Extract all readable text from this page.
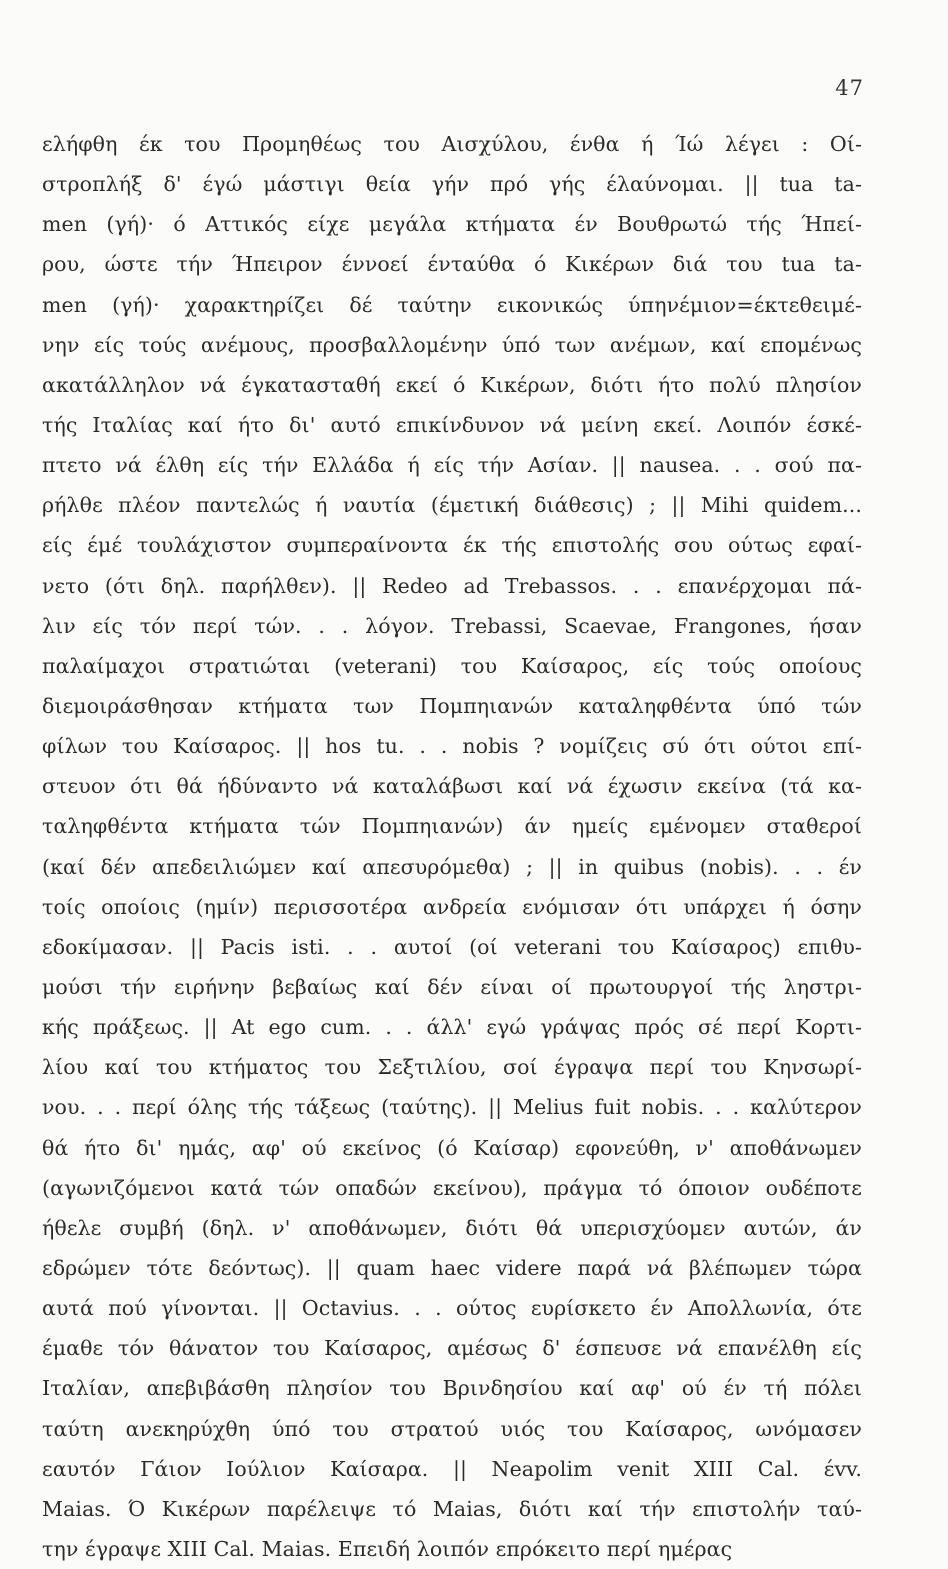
47
ελήφθη έκ του Προμηθέως του Αισχύλου, ένθα ή Ίώ λέγει : Οί-
στροπλήξ δ' έγώ μάστιγι θεία γήν πρό γής έλαύνομαι. || tua ta-
men (γή)· ό Αττικός είχε μεγάλα κτήματα έν Βουθρωτώ τής Ήπεί-
ρου, ώστε τήν Ήπειρον έννοεί ένταύθα ό Κικέρων διά του tua ta-
men (γή)· χαρακτηρίζει δέ ταύτην εικονικώς ύπηνέμιον=έκτεθειμέ-
νην είς τούς ανέμους, προσβαλλομένην ύπό των ανέμων, καί επομένως
ακατάλληλον νά έγκατασταθή εκεί ό Κικέρων, διότι ήτο πολύ πλησίον
τής Ιταλίας καί ήτο δι' αυτό επικίνδυνον νά μείνη εκεί. Λοιπόν έσκέ-
πτετο νά έλθη είς τήν Ελλάδα ή είς τήν Ασίαν. || nausea. . . σού πα-
ρήλθε πλέον παντελώς ή ναυτία (έμετική διάθεσις) ; || Mihi quidem...
είς έμέ τουλάχιστον συμπεραίνοντα έκ τής επιστολής σου ούτως εφαί-
νετο (ότι δηλ. παρήλθεν). || Redeo ad Trebassos. . . επανέρχομαι πά-
λιν είς τόν περί τών. . . λόγον. Trebassi, Scaevae, Frangones, ήσαν
παλαίμαχοι στρατιώται (veterani) του Καίσαρος, είς τούς οποίους
διεμοιράσθησαν κτήματα των Πομπηιανών καταληφθέντα ύπό τών
φίλων του Καίσαρος. || hos tu. . . nobis ? νομίζεις σύ ότι ούτοι επί-
στευον ότι θά ήδύναντο νά καταλάβωσι καί νά έχωσιν εκείνα (τά κα-
ταληφθέντα κτήματα τών Πομπηιανών) άν ημείς εμένομεν σταθεροί
(καί δέν απεδειλιώμεν καί απεσυρόμεθα) ; || in quibus (nobis). . . έν
τοίς οποίοις (ημίν) περισσοτέρα ανδρεία ενόμισαν ότι υπάρχει ή όσην
εδοκίμασαν. || Pacis isti. . . αυτοί (οί veterani του Καίσαρος) επιθυ-
μούσι τήν ειρήνην βεβαίως καί δέν είναι οί πρωτουργοί τής ληστρι-
κής πράξεως. || At ego cum. . . άλλ' εγώ γράψας πρός σέ περί Κορτι-
λίου καί του κτήματος του Σεξτιλίου, σοί έγραψα περί του Κηνσωρί-
νου. . . περί όλης τής τάξεως (ταύτης). || Melius fuit nobis. . . καλύτερον
θά ήτο δι' ημάς, αφ' ού εκείνος (ό Καίσαρ) εφονεύθη, ν' αποθάνωμεν
(αγωνιζόμενοι κατά τών οπαδών εκείνου), πράγμα τό όποιον ουδέποτε
ήθελε συμβή (δηλ. ν' αποθάνωμεν, διότι θά υπερισχύομεν αυτών, άν
εδρώμεν τότε δεόντως). || quam haec videre παρά νά βλέπωμεν τώρα
αυτά πού γίνονται. || Octavius. . . ούτος ευρίσκετο έν Απολλωνία, ότε
έμαθε τόν θάνατον του Καίσαρος, αμέσως δ' έσπευσε νά επανέλθη είς
Ιταλίαν, απεβιβάσθη πλησίον του Βρινδησίου καί αφ' ού έν τή πόλει
ταύτη ανεκηρύχθη ύπό του στρατού υιός του Καίσαρος, ωνόμασεν
εαυτόν Γάιον Ιούλιον Καίσαρα. || Neapolim venit XIII Cal. έvv.
Maias. Ό Κικέρων παρέλειψε τό Maias, διότι καί τήν επιστολήν ταύ-
την έγραψε XIII Cal. Maias. Επειδή λοιπόν επρόκειτο περί ημέρας
